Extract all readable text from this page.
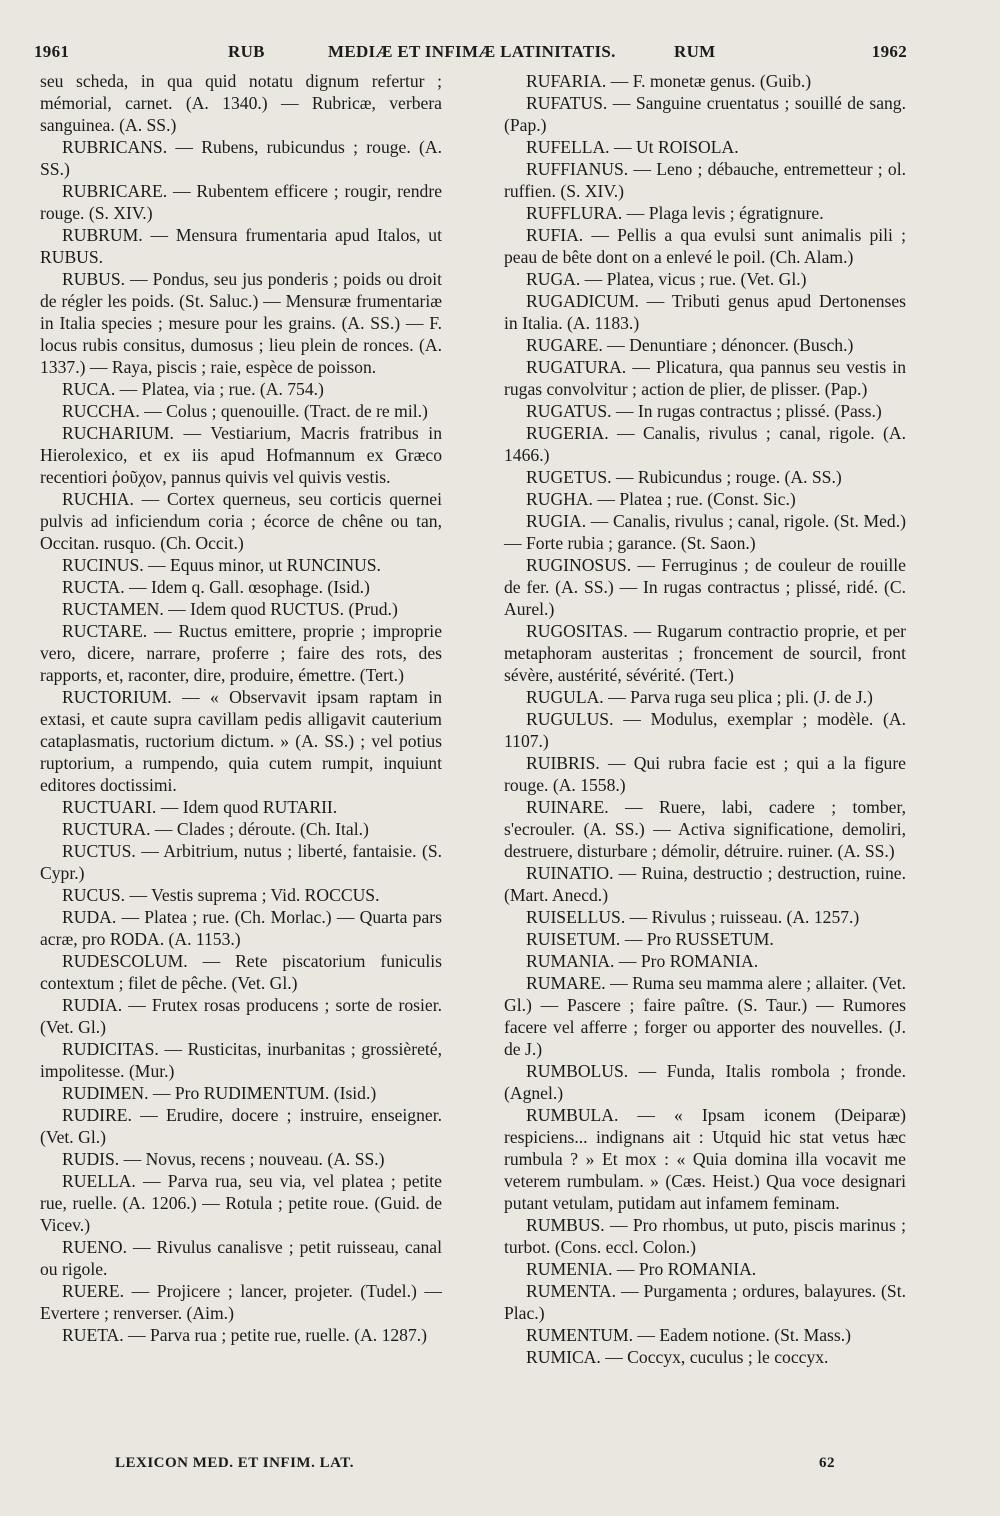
1961	RUB	MEDIÆ ET INFIMÆ LATINITATIS.	RUM	1962

seu scheda, in qua quid notatu dignum refertur ; mémorial, carnet. (A. 1340.) — Rubricæ, verbera sanguinea. (A. SS.)

RUBRICANS. — Rubens, rubicundus ; rouge. (A. SS.)

RUBRICARE. — Rubentem efficere ; rougir, rendre rouge. (S. XIV.)

RUBRUM. — Mensura frumentaria apud Italos, ut RUBUS.

RUBUS. — Pondus, seu jus ponderis ; poids ou droit de régler les poids. (St. Saluc.) — Mensuræ frumentariæ in Italia species ; mesure pour les grains. (A. SS.) — F. locus rubis consitus, dumosus ; lieu plein de ronces. (A. 1337.) — Raya, piscis ; raie, espèce de poisson.

RUCA. — Platea, via ; rue. (A. 754.)

RUCCHA. — Colus ; quenouille. (Tract. de re mil.)

RUCHARIUM. — Vestiarium, Macris fratribus in Hierolexico, et ex iis apud Hofmannum ex Græco recentiori ῥοῦχον, pannus quivis vel quivis vestis.

RUCHIA. — Cortex querneus, seu corticis quernei pulvis ad inficiendum coria ; écorce de chêne ou tan, Occitan. rusquo. (Ch. Occit.)

RUCINUS. — Equus minor, ut RUNCINUS.

RUCTA. — Idem q. Gall. œsophage. (Isid.)

RUCTAMEN. — Idem quod RUCTUS. (Prud.)

RUCTARE. — Ructus emittere, proprie ; improprie vero, dicere, narrare, proferre ; faire des rots, des rapports, et, raconter, dire, produire, émettre. (Tert.)

RUCTORIUM. — « Observavit ipsam raptam in extasi, et caute supra cavillam pedis alligavit cauterium cataplasmatis, ructorium dictum. » (A. SS.) ; vel potius ruptorium, a rumpendo, quia cutem rumpit, inquiunt editores doctissimi.

RUCTUARI. — Idem quod RUTARII.

RUCTURA. — Clades ; déroute. (Ch. Ital.)

RUCTUS. — Arbitrium, nutus ; liberté, fantaisie. (S. Cypr.)

RUCUS. — Vestis suprema ; Vid. ROCCUS.

RUDA. — Platea ; rue. (Ch. Morlac.) — Quarta pars acræ, pro RODA. (A. 1153.)

RUDESCOLUM. — Rete piscatorium funiculis contextum ; filet de pêche. (Vet. Gl.)

RUDIA. — Frutex rosas producens ; sorte de rosier. (Vet. Gl.)

RUDICITAS. — Rusticitas, inurbanitas ; grossièreté, impolitesse. (Mur.)

RUDIMEN. — Pro RUDIMENTUM. (Isid.)

RUDIRE. — Erudire, docere ; instruire, enseigner. (Vet. Gl.)

RUDIS. — Novus, recens ; nouveau. (A. SS.)

RUELLA. — Parva rua, seu via, vel platea ; petite rue, ruelle. (A. 1206.) — Rotula ; petite roue. (Guid. de Vicev.)

RUENO. — Rivulus canalisve ; petit ruisseau, canal ou rigole.

RUERE. — Projicere ; lancer, projeter. (Tudel.) — Evertere ; renverser. (Aim.)

RUETA. — Parva rua ; petite rue, ruelle. (A. 1287.)

RUFARIA. — F. monetæ genus. (Guib.)

RUFATUS. — Sanguine cruentatus ; souillé de sang. (Pap.)

RUFELLA. — Ut ROISOLA.

RUFFIANUS. — Leno ; débauche, entremetteur ; ol. ruffien. (S. XIV.)

RUFFLURA. — Plaga levis ; égratignure.

RUFIA. — Pellis a qua evulsi sunt animalis pili ; peau de bête dont on a enlevé le poil. (Ch. Alam.)

RUGA. — Platea, vicus ; rue. (Vet. Gl.)

RUGADICUM. — Tributi genus apud Dertonenses in Italia. (A. 1183.)

RUGARE. — Denuntiare ; dénoncer. (Busch.)

RUGATURA. — Plicatura, qua pannus seu vestis in rugas convolvitur ; action de plier, de plisser. (Pap.)

RUGATUS. — In rugas contractus ; plissé. (Pass.)

RUGERIA. — Canalis, rivulus ; canal, rigole. (A. 1466.)

RUGETUS. — Rubicundus ; rouge. (A. SS.)

RUGHA. — Platea ; rue. (Const. Sic.)

RUGIA. — Canalis, rivulus ; canal, rigole. (St. Med.) — Forte rubia ; garance. (St. Saon.)

RUGINOSUS. — Ferruginus ; de couleur de rouille de fer. (A. SS.) — In rugas contractus ; plissé, ridé. (C. Aurel.)

RUGOSITAS. — Rugarum contractio proprie, et per metaphoram austeritas ; froncement de sourcil, front sévère, austérité, sévérité. (Tert.)

RUGULA. — Parva ruga seu plica ; pli. (J. de J.)

RUGULUS. — Modulus, exemplar ; modèle. (A. 1107.)

RUIBRIS. — Qui rubra facie est ; qui a la figure rouge. (A. 1558.)

RUINARE. — Ruere, labi, cadere ; tomber, s'ecrouler. (A. SS.) — Activa significatione, demoliri, destruere, disturbare ; démolir, détruire. ruiner. (A. SS.)

RUINATIO. — Ruina, destructio ; destruction, ruine. (Mart. Anecd.)

RUISELLUS. — Rivulus ; ruisseau. (A. 1257.)

RUISETUM. — Pro RUSSETUM.

RUMANIA. — Pro ROMANIA.

RUMARE. — Ruma seu mamma alere ; allaiter. (Vet. Gl.) — Pascere ; faire paître. (S. Taur.) — Rumores facere vel afferre ; forger ou apporter des nouvelles. (J. de J.)

RUMBOLUS. — Funda, Italis rombola ; fronde. (Agnel.)

RUMBULA. — « Ipsam iconem (Deiparæ) respiciens... indignans ait : Utquid hic stat vetus hæc rumbula ? » Et mox : « Quia domina illa vocavit me veterem rumbulam. » (Cæs. Heist.) Qua voce designari putant vetulam, putidam aut infamem feminam.

RUMBUS. — Pro rhombus, ut puto, piscis marinus ; turbot. (Cons. eccl. Colon.)

RUMENIA. — Pro ROMANIA.

RUMENTA. — Purgamenta ; ordures, balayures. (St. Plac.)

RUMENTUM. — Eadem notione. (St. Mass.)

RUMICA. — Coccyx, cuculus ; le coccyx.

LEXICON MED. ET INFIM. LAT.	62
